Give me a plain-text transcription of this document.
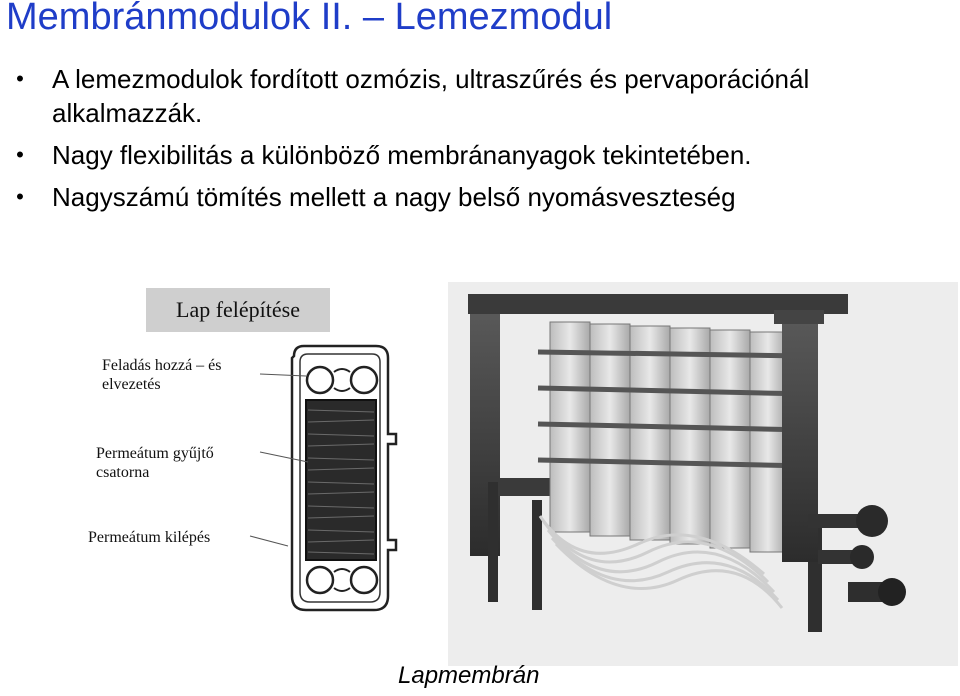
Membránmodulok II. – Lemezmodul
• A lemezmodulok fordított ozmózis, ultraszűrés és pervaporációnál alkalmazzák.
• Nagy flexibilitás a különböző membránanyagok tekintetében.
• Nagyszámú tömítés mellett a nagy belső nyomásveszteség
Lap felépítése
Feladás hozzá – és elvezetés
Permeátum gyűjtő csatorna
Permeátum kilépés
Lapmembrán
